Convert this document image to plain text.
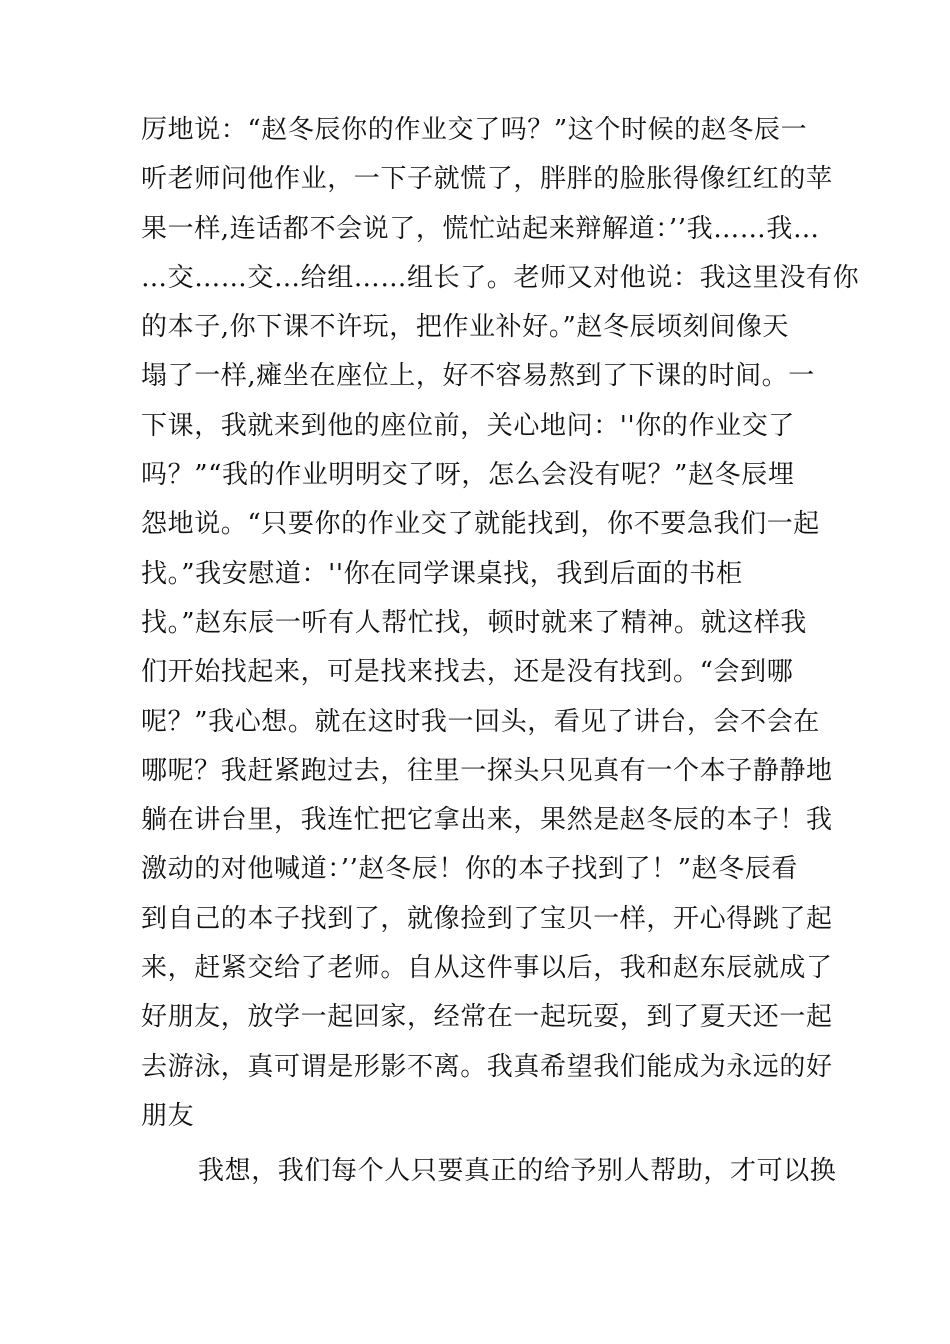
厉地说：“赵冬辰你的作业交了吗？”这个时候的赵冬辰一
听老师问他作业，一下子就慌了，胖胖的脸胀得像红红的苹
果一样,连话都不会说了，慌忙站起来辩解道：’’我……我…
…交……交…给组……组长了。老师又对他说：我这里没有你
的本子,你下课不许玩，把作业补好。”赵冬辰顷刻间像天
塌了一样,瘫坐在座位上，好不容易熬到了下课的时间。一
下课，我就来到他的座位前，关心地问：''你的作业交了
吗？”“我的作业明明交了呀，怎么会没有呢？”赵冬辰埋
怨地说。“只要你的作业交了就能找到，你不要急我们一起
找。”我安慰道：''你在同学课桌找，我到后面的书柜
找。”赵东辰一听有人帮忙找，顿时就来了精神。就这样我
们开始找起来，可是找来找去，还是没有找到。“会到哪
呢？”我心想。就在这时我一回头，看见了讲台，会不会在
哪呢？我赶紧跑过去，往里一探头只见真有一个本子静静地
躺在讲台里，我连忙把它拿出来，果然是赵冬辰的本子！我
激动的对他喊道：’’赵冬辰！你的本子找到了！”赵冬辰看
到自己的本子找到了，就像捡到了宝贝一样，开心得跳了起
来，赶紧交给了老师。自从这件事以后，我和赵东辰就成了
好朋友，放学一起回家，经常在一起玩耍，到了夏天还一起
去游泳，真可谓是形影不离。我真希望我们能成为永远的好
朋友
我想，我们每个人只要真正的给予别人帮助，才可以换
